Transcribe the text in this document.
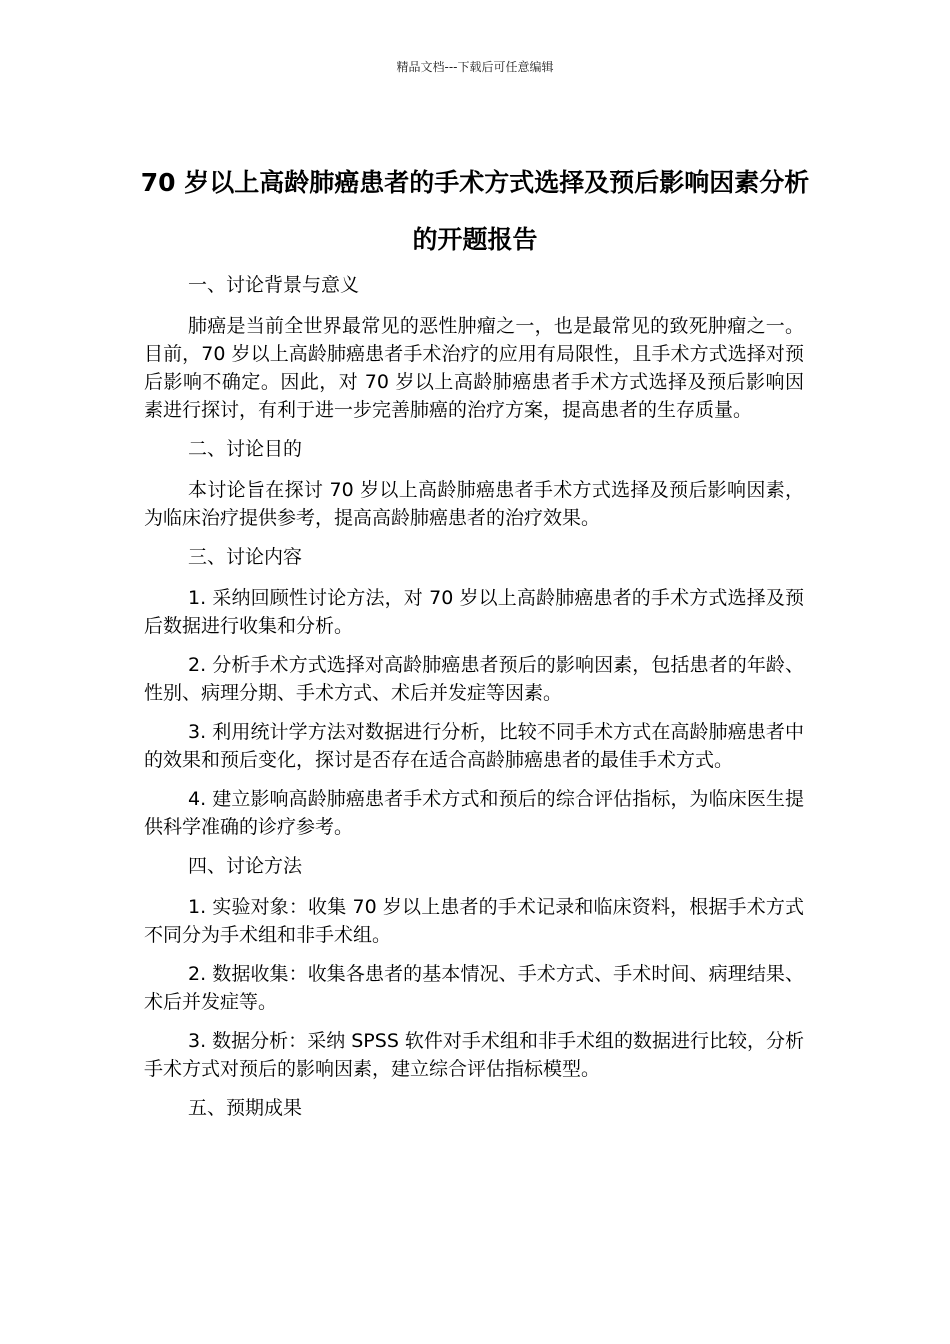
精品文档---下载后可任意编辑
70 岁以上高龄肺癌患者的手术方式选择及预后影响因素分析的开题报告

一、讨论背景与意义

肺癌是当前全世界最常见的恶性肿瘤之一，也是最常见的致死肿瘤之一。目前，70 岁以上高龄肺癌患者手术治疗的应用有局限性，且手术方式选择对预后影响不确定。因此，对 70 岁以上高龄肺癌患者手术方式选择及预后影响因素进行探讨，有利于进一步完善肺癌的治疗方案，提高患者的生存质量。

二、讨论目的

本讨论旨在探讨 70 岁以上高龄肺癌患者手术方式选择及预后影响因素，为临床治疗提供参考，提高高龄肺癌患者的治疗效果。

三、讨论内容

1. 采纳回顾性讨论方法，对 70 岁以上高龄肺癌患者的手术方式选择及预后数据进行收集和分析。

2. 分析手术方式选择对高龄肺癌患者预后的影响因素，包括患者的年龄、性别、病理分期、手术方式、术后并发症等因素。

3. 利用统计学方法对数据进行分析，比较不同手术方式在高龄肺癌患者中的效果和预后变化，探讨是否存在适合高龄肺癌患者的最佳手术方式。

4. 建立影响高龄肺癌患者手术方式和预后的综合评估指标，为临床医生提供科学准确的诊疗参考。

四、讨论方法

1. 实验对象：收集 70 岁以上患者的手术记录和临床资料，根据手术方式不同分为手术组和非手术组。

2. 数据收集：收集各患者的基本情况、手术方式、手术时间、病理结果、术后并发症等。

3. 数据分析：采纳 SPSS 软件对手术组和非手术组的数据进行比较，分析手术方式对预后的影响因素，建立综合评估指标模型。

五、预期成果
